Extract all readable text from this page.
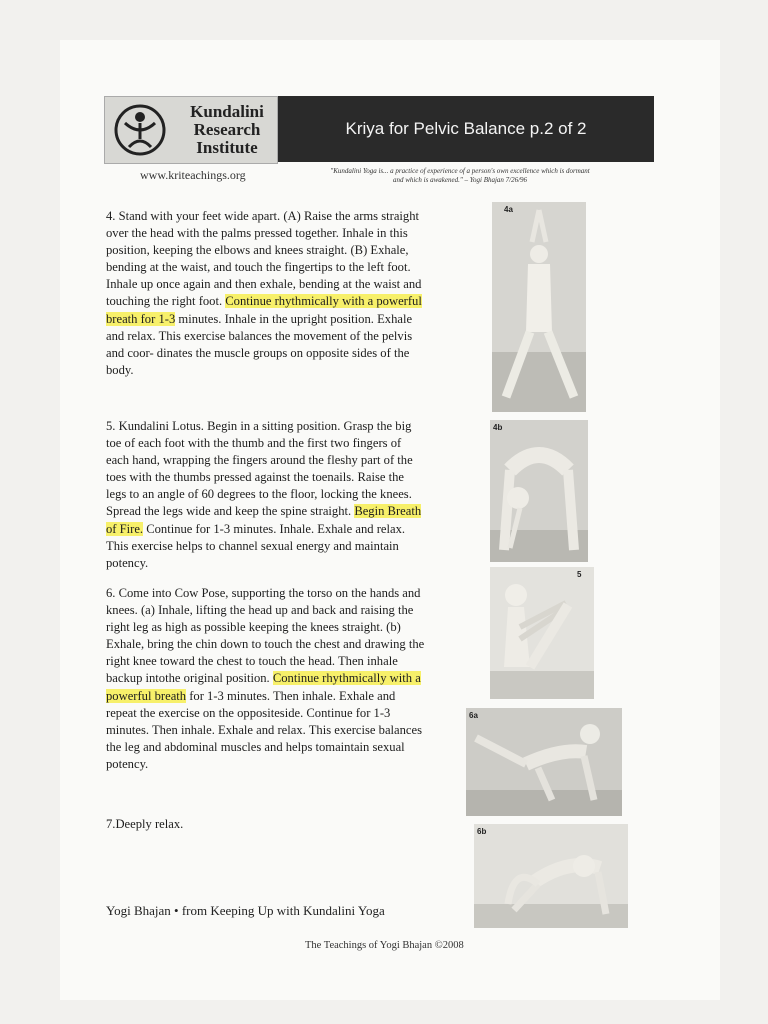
Kundalini
Research
Institute
Kriya for Pelvic Balance p.2 of 2
www.kriteachings.org	"Kundalini Yoga is... a practice of experience of a person's own excellence which is dormant and which is awakened." – Yogi Bhajan 7/26/96

4. Stand with your feet wide apart. (A) Raise the arms straight over the head with the palms pressed together. Inhale in this position, keeping the elbows and knees straight. (B) Exhale, bending at the waist, and touch the fingertips to the left foot. Inhale up once again and then exhale, bending at the waist and touching the right foot. Continue rhythmically with a powerful breath for 1-3 minutes. Inhale in the upright position. Exhale and relax. This exercise balances the movement of the pelvis and coor- dinates the muscle groups on opposite sides of the body.

5. Kundalini Lotus. Begin in a sitting position. Grasp the big toe of each foot with the thumb and the first two fingers of each hand, wrapping the fingers around the fleshy part of the toes with the thumbs pressed against the toenails. Raise the legs to an angle of 60 degrees to the floor, locking the knees. Spread the legs wide and keep the spine straight. Begin Breath of Fire. Continue for 1-3 minutes. Inhale. Exhale and relax. This exercise helps to channel sexual energy and maintain potency.

6. Come into Cow Pose, supporting the torso on the hands and knees. (a) Inhale, lifting the head up and back and raising the right leg as high as possible keeping the knees straight. (b) Exhale, bring the chin down to touch the chest and drawing the right knee toward the chest to touch the head. Then inhale backup intothe original position. Continue rhythmically with a powerful breath for 1-3 minutes. Then inhale. Exhale and repeat the exercise on the oppositeside. Continue for 1-3 minutes. Then inhale. Exhale and relax. This exercise balances the leg and abdominal muscles and helps tomaintain sexual potency.

7.Deeply relax.

4a
4b
5
6a
6b
Yogi Bhajan • from Keeping Up with Kundalini Yoga
The Teachings of Yogi Bhajan ©2008
